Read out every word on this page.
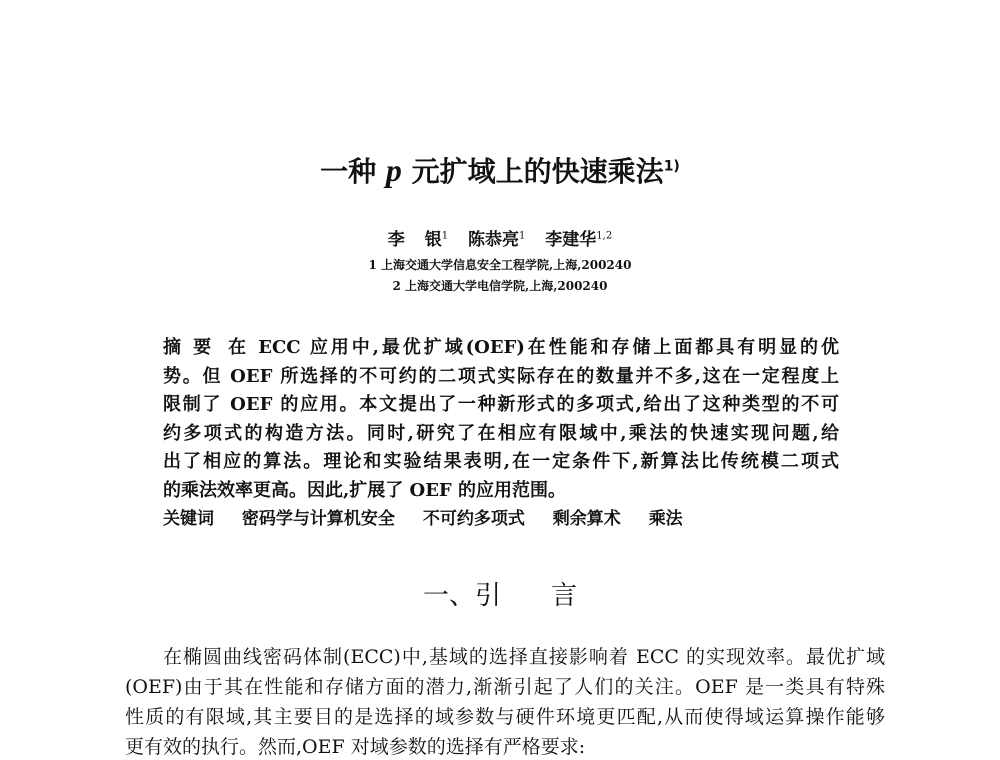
一种 p 元扩域上的快速乘法$^{1)}$
李 银$^1$ 陈恭亮$^1$ 李建华$^{1,2}$
1 上海交通大学信息安全工程学院,上海,200240
2 上海交通大学电信学院,上海,200240
摘 要 在 ECC 应用中,最优扩域(OEF)在性能和存储上面都具有明显的优
势。但 OEF 所选择的不可约的二项式实际存在的数量并不多,这在一定程度上
限制了 OEF 的应用。本文提出了一种新形式的多项式,给出了这种类型的不可
约多项式的构造方法。同时,研究了在相应有限域中,乘法的快速实现问题,给
出了相应的算法。理论和实验结果表明,在一定条件下,新算法比传统模二项式
的乘法效率更高。因此,扩展了 OEF 的应用范围。
关键词 密码学与计算机安全 不可约多项式 剩余算术 乘法
一、引 言
在椭圆曲线密码体制(ECC)中,基域的选择直接影响着 ECC 的实现效率。最优扩域
(OEF)由于其在性能和存储方面的潜力,渐渐引起了人们的关注。OEF 是一类具有特殊
性质的有限域,其主要目的是选择的域参数与硬件环境更匹配,从而使得域运算操作能够
更有效的执行。然而,OEF 对域参数的选择有严格要求:
